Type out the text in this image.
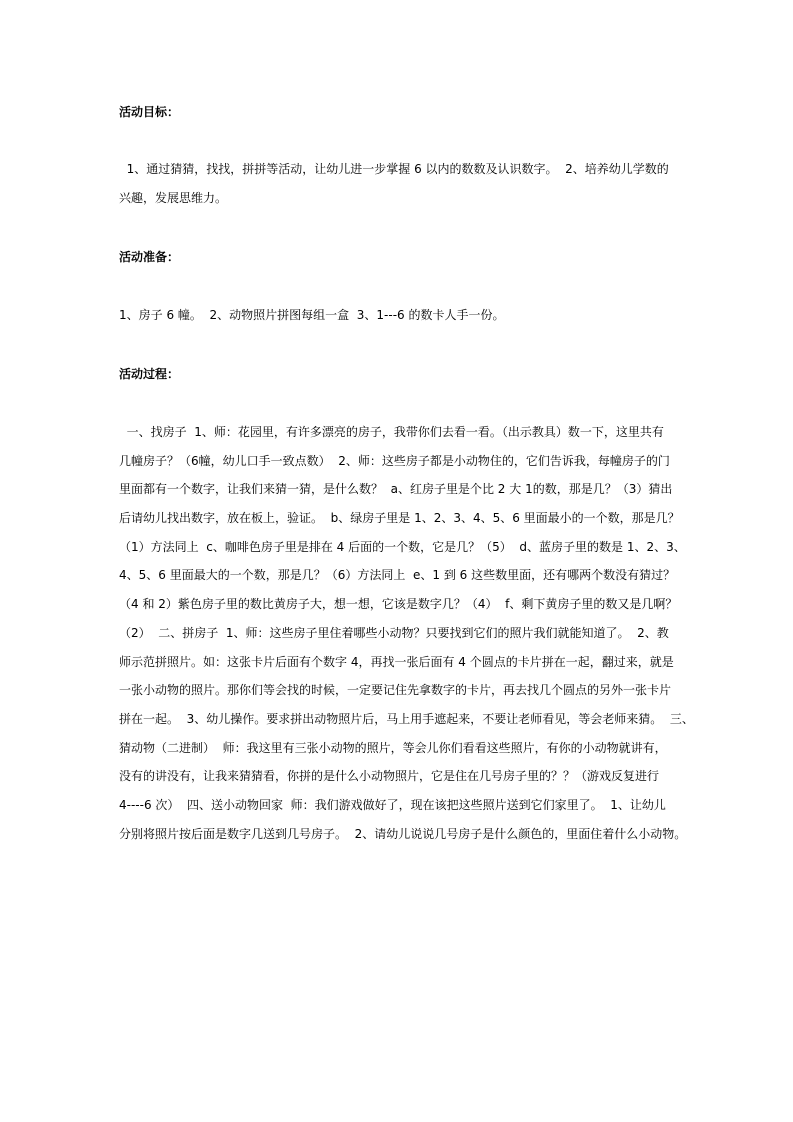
活动目标：
1、通过猜猜，找找，拼拼等活动，让幼儿进一步掌握 6 以内的数数及认识数字。  2、培养幼儿学数的
兴趣，发展思维力。
活动准备：
1、房子 6 幢。  2、动物照片拼图每组一盒  3、1---6 的数卡人手一份。
活动过程：
一、找房子  1、师：花园里，有许多漂亮的房子，我带你们去看一看。（出示教具）数一下，这里共有
几幢房子？（6幢，幼儿口手一致点数）  2、师：这些房子都是小动物住的，它们告诉我，每幢房子的门
里面都有一个数字，让我们来猜一猜，是什么数？  a、红房子里是个比 2 大 1的数，那是几？（3）猜出
后请幼儿找出数字，放在板上，验证。  b、绿房子里是 1、2、3、4、5、6 里面最小的一个数，那是几？
（1）方法同上  c、咖啡色房子里是排在 4 后面的一个数，它是几？（5）  d、蓝房子里的数是 1、2、3、
4、5、6 里面最大的一个数，那是几？（6）方法同上  e、1 到 6 这些数里面，还有哪两个数没有猜过？
（4 和 2）紫色房子里的数比黄房子大，想一想，它该是数字几？（4）  f、剩下黄房子里的数又是几啊？
（2）  二、拼房子  1、师：这些房子里住着哪些小动物？只要找到它们的照片我们就能知道了。  2、教
师示范拼照片。如：这张卡片后面有个数字 4，再找一张后面有 4 个圆点的卡片拼在一起，翻过来，就是
一张小动物的照片。那你们等会找的时候，一定要记住先拿数字的卡片，再去找几个圆点的另外一张卡片
拼在一起。  3、幼儿操作。要求拼出动物照片后，马上用手遮起来，不要让老师看见，等会老师来猜。  三、
猜动物（二进制）  师：我这里有三张小动物的照片，等会儿你们看看这些照片，有你的小动物就讲有，
没有的讲没有，让我来猜猜看，你拼的是什么小动物照片，它是住在几号房子里的？？（游戏反复进行
4----6 次）  四、送小动物回家  师：我们游戏做好了，现在该把这些照片送到它们家里了。  1、让幼儿
分别将照片按后面是数字几送到几号房子。  2、请幼儿说说几号房子是什么颜色的，里面住着什么小动物。
